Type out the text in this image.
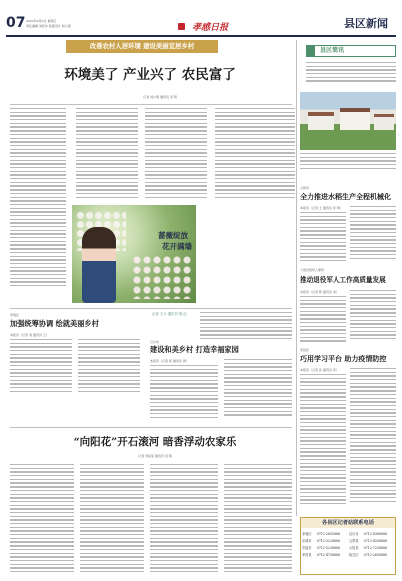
07 2022年9月9日 星期五
责任编辑 刘佳华 版面设计 杨小燕	孝感日报	县区新闻
改善农村人居环境 建设美丽宜居乡村
环境美了 产业兴了 农民富了
记者 刘小明 通讯员 李 明
蔷薇绽放
花开满墙
$^{县区简讯}$
云梦县
全力推进水稻生产全程机械化
本报讯（记者 王 通讯员 李 明）
大悟县组织人事局
推动退役军人工作高质量发展
本报讯（记者 陈 通讯员 刘）
孝昌县
巧用学习平台 助力疫情防控
本报讯（记者 张 通讯员 李）
孝南区
加强统筹协调 绘就美丽乡村
本报讯（记者 刘 通讯员 王）
记者 王小 通讯员 陈 红
汉川市
建设和美乡村 打造幸福家园
本报讯（记者 陈 通讯员 周）
“向阳花”开石滚河 暗香浮动农家乐
记者 刘某某 通讯员 吴 明
各县区记者站联系电话
孝南区	0712-2835888	汉川市	0712-8388888
应城市	0712-3228888	云梦县	0712-4338888
安陆市	0712-5238888	大悟县	0712-7238888
孝昌县	0712-4738888	临空区	0712-2658888
